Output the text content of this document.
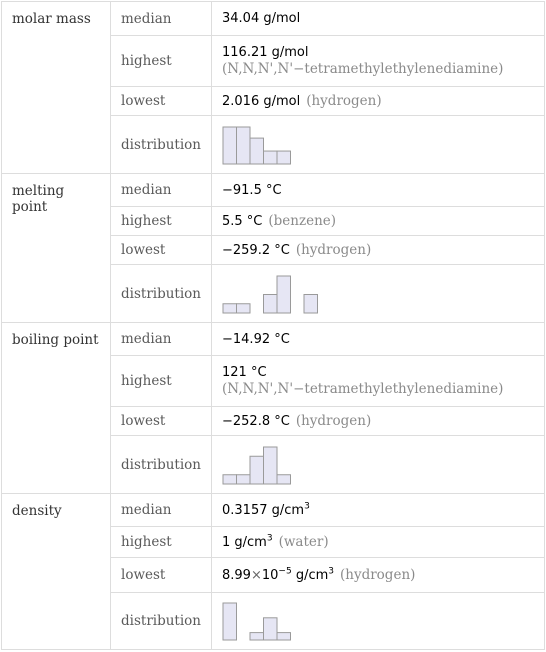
molar mass	median	34.04 g/mol
	highest	116.21 g/mol
(N,N,N',N'−tetramethylethylenediamine)

	lowest	2.016 g/mol (hydrogen)
	distribution	

melting point	median	−91.5 °C
	highest	5.5 °C (benzene)
	lowest	−259.2 °C (hydrogen)
	distribution	

boiling point	median	−14.92 °C
	highest	121 °C
(N,N,N',N'−tetramethylethylenediamine)

	lowest	−252.8 °C (hydrogen)
	distribution	

density	median	0.3157 $g/cm^3$
	highest	1 $g/cm^3$ (water)
	lowest	$8.99\times 10^{-5}$ $g/cm^3$ (hydrogen)
	distribution	
